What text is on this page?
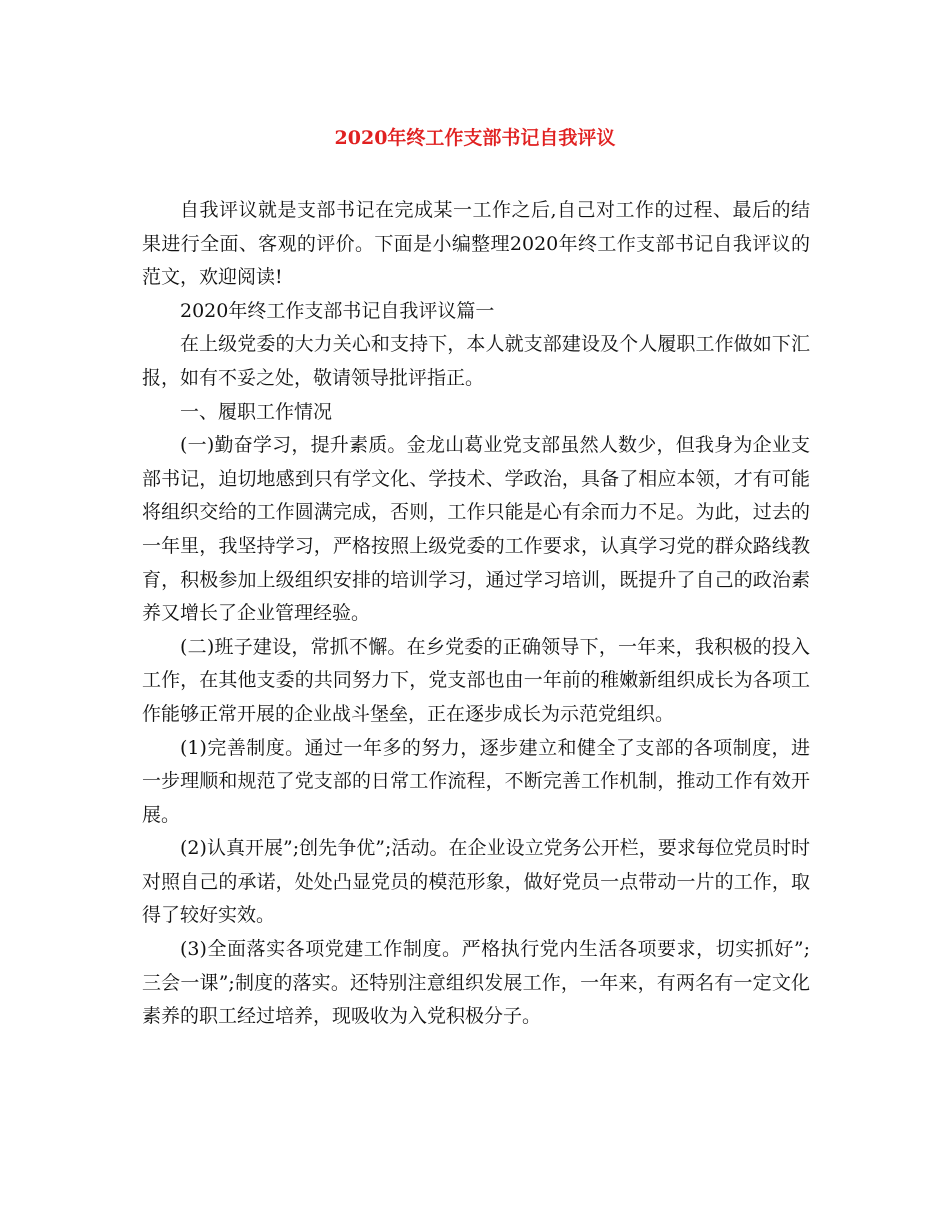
2020年终工作支部书记自我评议

自我评议就是支部书记在完成某一工作之后,自己对工作的过程、最后的结果进行全面、客观的评价。下面是小编整理2020年终工作支部书记自我评议的范文，欢迎阅读!

2020年终工作支部书记自我评议篇一

在上级党委的大力关心和支持下，本人就支部建设及个人履职工作做如下汇报，如有不妥之处，敬请领导批评指正。

一、履职工作情况

(一)勤奋学习，提升素质。金龙山葛业党支部虽然人数少，但我身为企业支部书记，迫切地感到只有学文化、学技术、学政治，具备了相应本领，才有可能将组织交给的工作圆满完成，否则，工作只能是心有余而力不足。为此，过去的一年里，我坚持学习，严格按照上级党委的工作要求，认真学习党的群众路线教育，积极参加上级组织安排的培训学习，通过学习培训，既提升了自己的政治素养又增长了企业管理经验。

(二)班子建设，常抓不懈。在乡党委的正确领导下，一年来，我积极的投入工作，在其他支委的共同努力下，党支部也由一年前的稚嫩新组织成长为各项工作能够正常开展的企业战斗堡垒，正在逐步成长为示范党组织。

(1)完善制度。通过一年多的努力，逐步建立和健全了支部的各项制度，进一步理顺和规范了党支部的日常工作流程，不断完善工作机制，推动工作有效开展。

(2)认真开展”;创先争优”;活动。在企业设立党务公开栏，要求每位党员时时对照自己的承诺，处处凸显党员的模范形象，做好党员一点带动一片的工作，取得了较好实效。

(3)全面落实各项党建工作制度。严格执行党内生活各项要求，切实抓好”;三会一课”;制度的落实。还特别注意组织发展工作，一年来，有两名有一定文化素养的职工经过培养，现吸收为入党积极分子。
